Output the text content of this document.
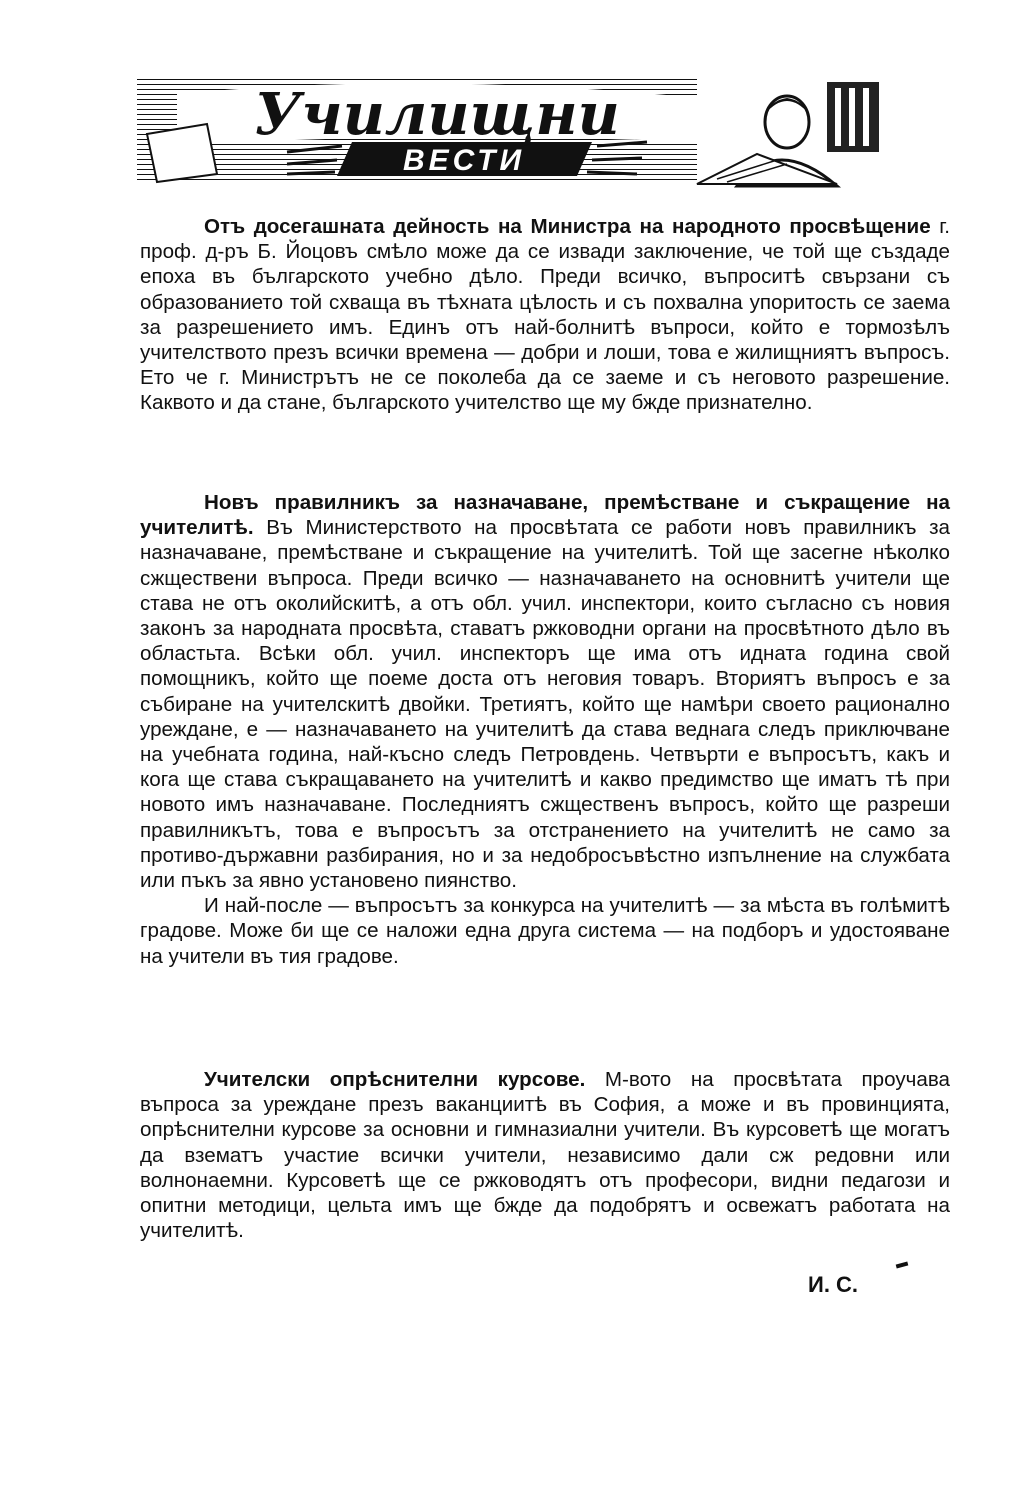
ВЕСТИ
Училищни

Отъ досегашната дейность на Министра на народното просвѣщение г. проф. д-ръ Б. Йоцовъ смѣло може да се извади заключение, че той ще създаде епоха въ българското учебно дѣло. Преди всичко, въпроситѣ свързани съ образованието той схваща въ тѣхната цѣлость и съ похвална упоритость се заема за разрешението имъ. Единъ отъ най-болнитѣ въпроси, който е тормозѣлъ учителството презъ всички времена — добри и лоши, това е жилищниятъ въпросъ. Ето че г. Министрътъ не се поколеба да се заеме и съ неговото разрешение. Каквото и да стане, българското учителство ще му бжде признателно.

Новъ правилникъ за назначаване, премѣстване и съкращение на учителитѣ. Въ Министерството на просвѣтата се работи новъ правилникъ за назначаване, премѣстване и съкращение на учителитѣ. Той ще засегне нѣколко сжществени въпроса. Преди всичко — назначаването на основнитѣ учители ще става не отъ околийскитѣ, а отъ обл. учил. инспектори, които съгласно съ новия законъ за народната просвѣта, ставатъ ржководни органи на просвѣтното дѣло въ областьта. Всѣки обл. учил. инспекторъ ще има отъ идната година свой помощникъ, който ще поеме доста отъ неговия товаръ. Вториятъ въпросъ е за събиране на учителскитѣ двойки. Третиятъ, който ще намѣри своето рационално уреждане, е — назначаването на учителитѣ да става веднага следъ приключване на учебната година, най-късно следъ Петровдень. Четвърти е въпросътъ, какъ и кога ще става съкращаването на учителитѣ и какво предимство ще иматъ тѣ при новото имъ назначаване. Последниятъ сжщественъ въпросъ, който ще разреши правилникътъ, това е въпросътъ за отстранението на учителитѣ не само за противо-държавни разбирания, но и за недобросъвѣстно изпълнение на службата или пъкъ за явно установено пиянство.
И най-после — въпросътъ за конкурса на учителитѣ — за мѣста въ голѣмитѣ градове. Може би ще се наложи една друга система — на подборъ и удостояване на учители въ тия градове.

Учителски опрѣснителни курсове. М-вото на просвѣтата проучава въпроса за уреждане презъ ваканциитѣ въ София, а може и въ провинцията, опрѣснителни курсове за основни и гимназиални учители. Въ курсоветѣ ще могатъ да взематъ участие всички учители, независимо дали сж редовни или волнонаемни. Курсоветѣ ще се ржководятъ отъ професори, видни педагози и опитни методици, цельта имъ ще бжде да подобрятъ и освежатъ работата на учителитѣ.

И. С.
